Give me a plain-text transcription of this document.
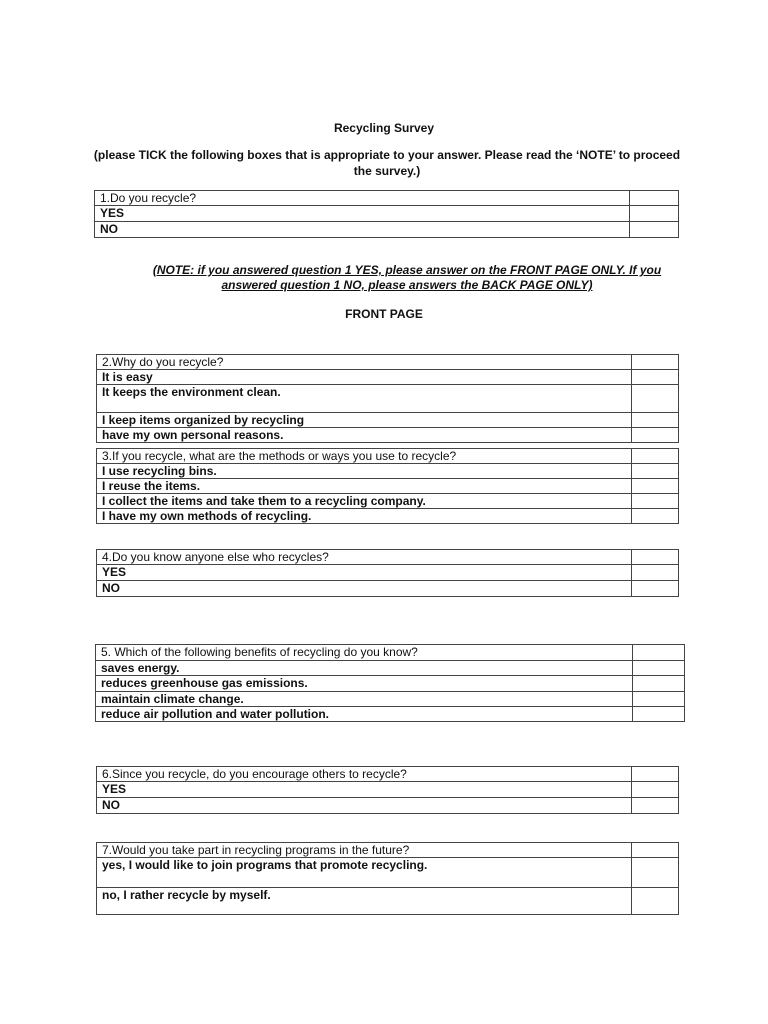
Recycling Survey
(please TICK the following boxes that is appropriate to your answer. Please read the ‘NOTE’ to proceed the survey.)
1.Do you recycle?	
YES	
NO	
(NOTE: if you answered question 1 YES, please answer on the FRONT PAGE ONLY. If you answered question 1 NO, please answers the BACK PAGE ONLY)
FRONT PAGE
2.Why do you recycle?	
It is easy	
It keeps the environment clean.	
I keep items organized by recycling	
have my own personal reasons.	
3.If you recycle, what are the methods or ways you use to recycle?	
I use recycling bins.	
I reuse the items.	
I collect the items and take them to a recycling company.	
I have my own methods of recycling.	
4.Do you know anyone else who recycles?	
YES	
NO	
5. Which of the following benefits of recycling do you know?	
saves energy.	
reduces greenhouse gas emissions.	
maintain climate change.	
reduce air pollution and water pollution.	
6.Since you recycle, do you encourage others to recycle?	
YES	
NO	
7.Would you take part in recycling programs in the future?	
yes, I would like to join programs that promote recycling.	
no, I rather recycle by myself.	
